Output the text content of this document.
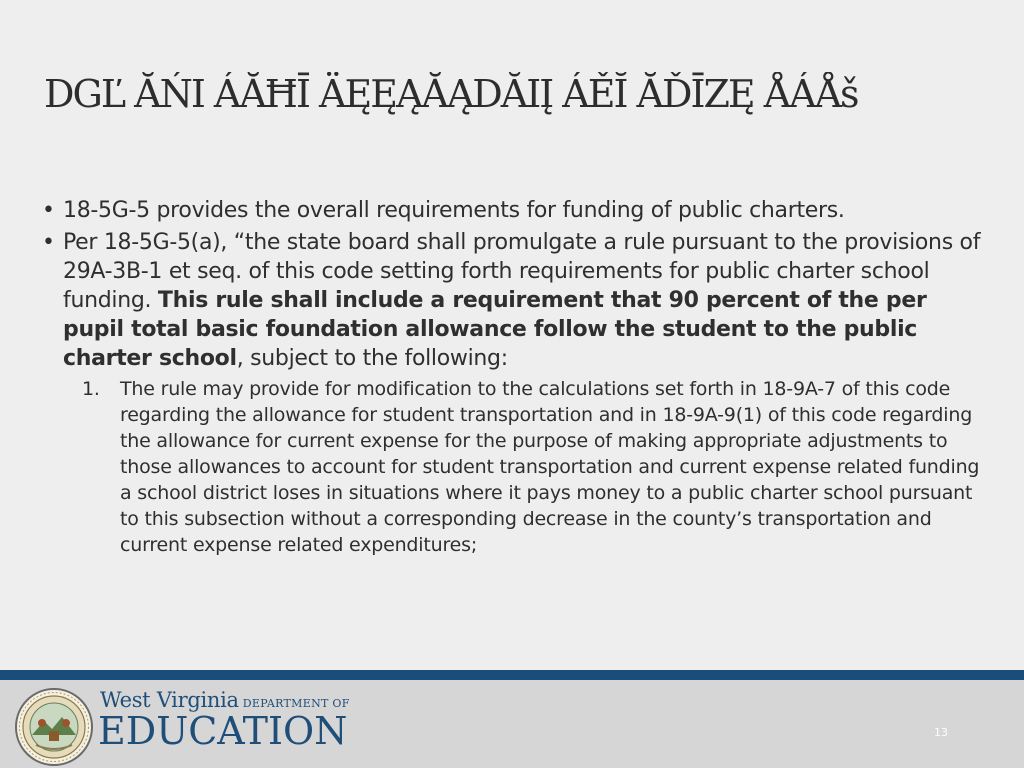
DGĽ ĂŃI ÁĂĦĪ ÄĘĘĄĂĄDẮIĮ ÁĚĬ ĂĎĪZĘ ÅÁÅš
• 18-5G-5 provides the overall requirements for funding of public charters.
• Per 18-5G-5(a), “the state board shall promulgate a rule pursuant to the provisions of 29A-3B-1 et seq. of this code setting forth requirements for public charter school funding. This rule shall include a requirement that 90 percent of the per pupil total basic foundation allowance follow the student to the public charter school, subject to the following:
1. The rule may provide for modification to the calculations set forth in 18-9A-7 of this code regarding the allowance for student transportation and in 18-9A-9(1) of this code regarding the allowance for current expense for the purpose of making appropriate adjustments to those allowances to account for student transportation and current expense related funding a school district loses in situations where it pays money to a public charter school pursuant to this subsection without a corresponding decrease in the county’s transportation and current expense related expenditures;
West Virginia DEPARTMENT OF
EDUCATION	13
